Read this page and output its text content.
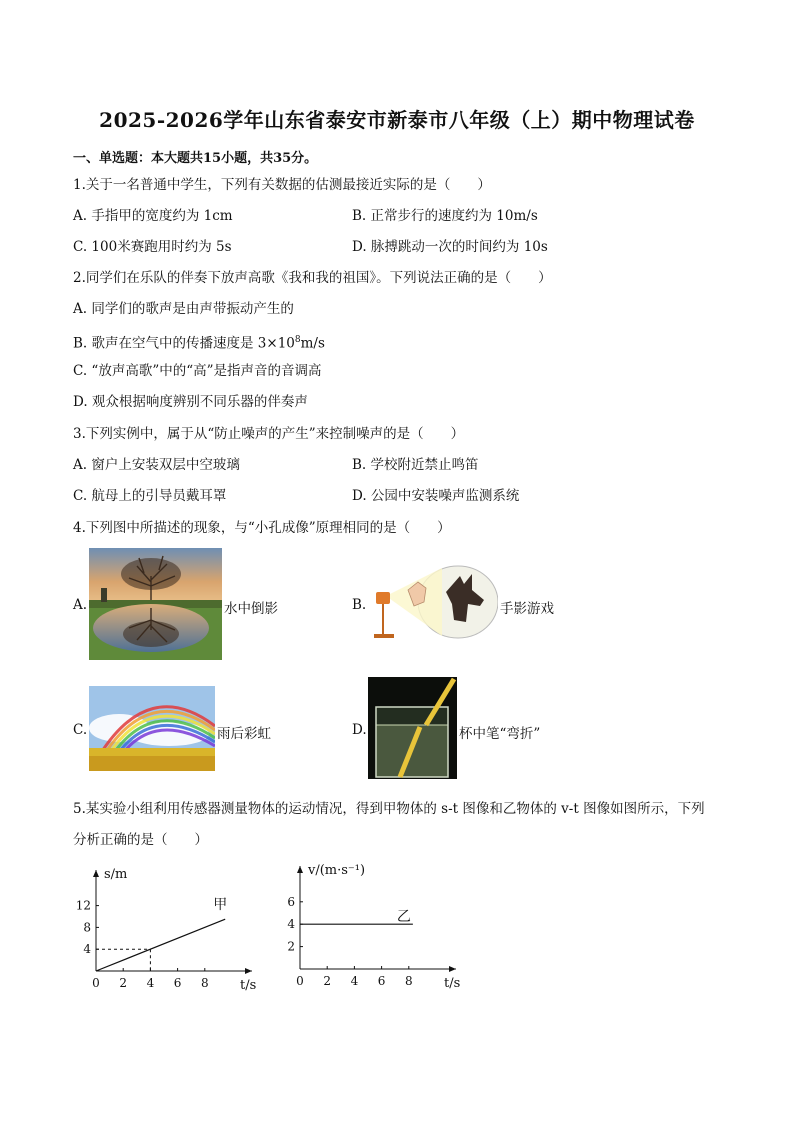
2025-2026学年山东省泰安市新泰市八年级（上）期中物理试卷
一、单选题：本大题共15小题，共35分。
1.关于一名普通中学生，下列有关数据的估测最接近实际的是（　　）
A. 手指甲的宽度约为 1cm	B. 正常步行的速度约为 10m/s
C. 100米赛跑用时约为 5s	D. 脉搏跳动一次的时间约为 10s
2.同学们在乐队的伴奏下放声高歌《我和我的祖国》。下列说法正确的是（　　）
A. 同学们的歌声是由声带振动产生的
B. 歌声在空气中的传播速度是 $3\times 10^8m/s$
C. “放声高歌”中的“高”是指声音的音调高
D. 观众根据响度辨别不同乐器的伴奏声
3.下列实例中，属于从“防止噪声的产生”来控制噪声的是（　　）
A. 窗户上安装双层中空玻璃	B. 学校附近禁止鸣笛
C. 航母上的引导员戴耳罩	D. 公园中安装噪声监测系统
4.下列图中所描述的现象，与“小孔成像”原理相同的是（　　）
A.	水中倒影	B.	手影游戏
C.	雨后彩虹	D.	杯中笔“弯折”
5.某实验小组利用传感器测量物体的运动情况，得到甲物体的 s-t 图像和乙物体的 v-t 图像如图所示，下列
分析正确的是（　　）
0 2 4 6 8
4
8
12
t/s
s/m
甲
0 2 4 6 8
2
4
6
t/s
v/(m·s⁻¹)
乙
